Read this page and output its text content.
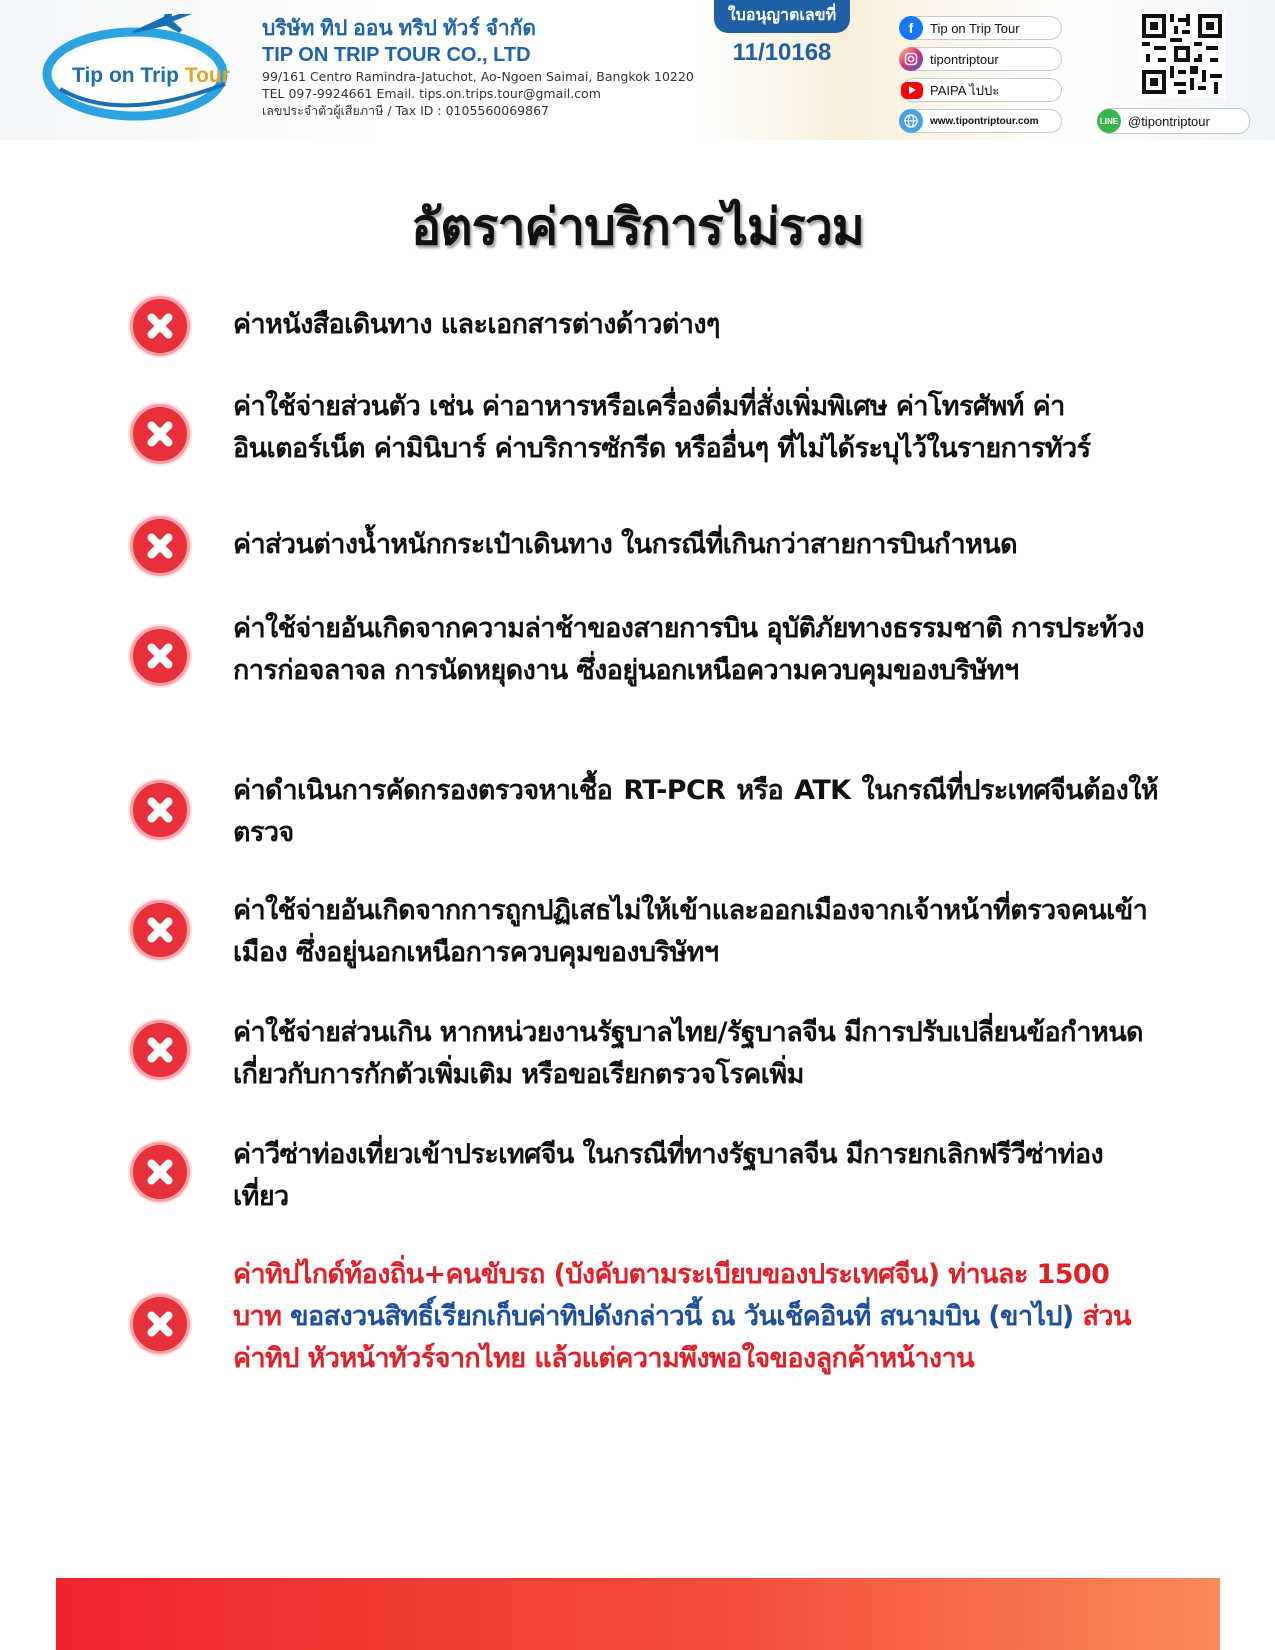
Tip on Trip Tour
บริษัท ทิป ออน ทริป ทัวร์ จำกัด
TIP ON TRIP TOUR CO., LTD
99/161 Centro Ramindra-Jatuchot, Ao-Ngoen Saimai, Bangkok 10220
TEL 097-9924661 Email. tips.on.trips.tour@gmail.com
เลขประจำตัวผู้เสียภาษี / Tax ID : 0105560069867
ใบอนุญาตเลขที่
11/10168
f	Tip on Trip Tour
tipontriptour
PAIPA ไปปะ
www.tipontriptour.com	LINE @tipontriptour
อัตราค่าบริการไม่รวม
ค่าหนังสือเดินทาง และเอกสารต่างด้าวต่างๆ
ค่าใช้จ่ายส่วนตัว เช่น ค่าอาหารหรือเครื่องดื่มที่สั่งเพิ่มพิเศษ ค่าโทรศัพท์ ค่าอินเตอร์เน็ต ค่ามินิบาร์ ค่าบริการซักรีด หรืออื่นๆ ที่ไม่ได้ระบุไว้ในรายการทัวร์
ค่าส่วนต่างน้ำหนักกระเป๋าเดินทาง ในกรณีที่เกินกว่าสายการบินกำหนด
ค่าใช้จ่ายอันเกิดจากความล่าช้าของสายการบิน อุบัติภัยทางธรรมชาติ การประท้วง การก่อจลาจล การนัดหยุดงาน ซึ่งอยู่นอกเหนือความควบคุมของบริษัทฯ
ค่าดำเนินการคัดกรองตรวจหาเชื้อ RT-PCR หรือ ATK ในกรณีที่ประเทศจีนต้องให้ตรวจ
ค่าใช้จ่ายอันเกิดจากการถูกปฏิเสธไม่ให้เข้าและออกเมืองจากเจ้าหน้าที่ตรวจคนเข้าเมือง ซึ่งอยู่นอกเหนือการควบคุมของบริษัทฯ
ค่าใช้จ่ายส่วนเกิน หากหน่วยงานรัฐบาลไทย/รัฐบาลจีน มีการปรับเปลี่ยนข้อกำหนดเกี่ยวกับการกักตัวเพิ่มเติม หรือขอเรียกตรวจโรคเพิ่ม
ค่าวีซ่าท่องเที่ยวเข้าประเทศจีน ในกรณีที่ทางรัฐบาลจีน มีการยกเลิกฟรีวีซ่าท่องเที่ยว
ค่าทิปไกด์ท้องถิ่น+คนขับรถ (บังคับตามระเบียบของประเทศจีน) ท่านละ 1500 บาท ขอสงวนสิทธิ์เรียกเก็บค่าทิปดังกล่าวนี้ ณ วันเช็คอินที่ สนามบิน (ขาไป) ส่วนค่าทิป หัวหน้าทัวร์จากไทย แล้วแต่ความพึงพอใจของลูกค้าหน้างาน
